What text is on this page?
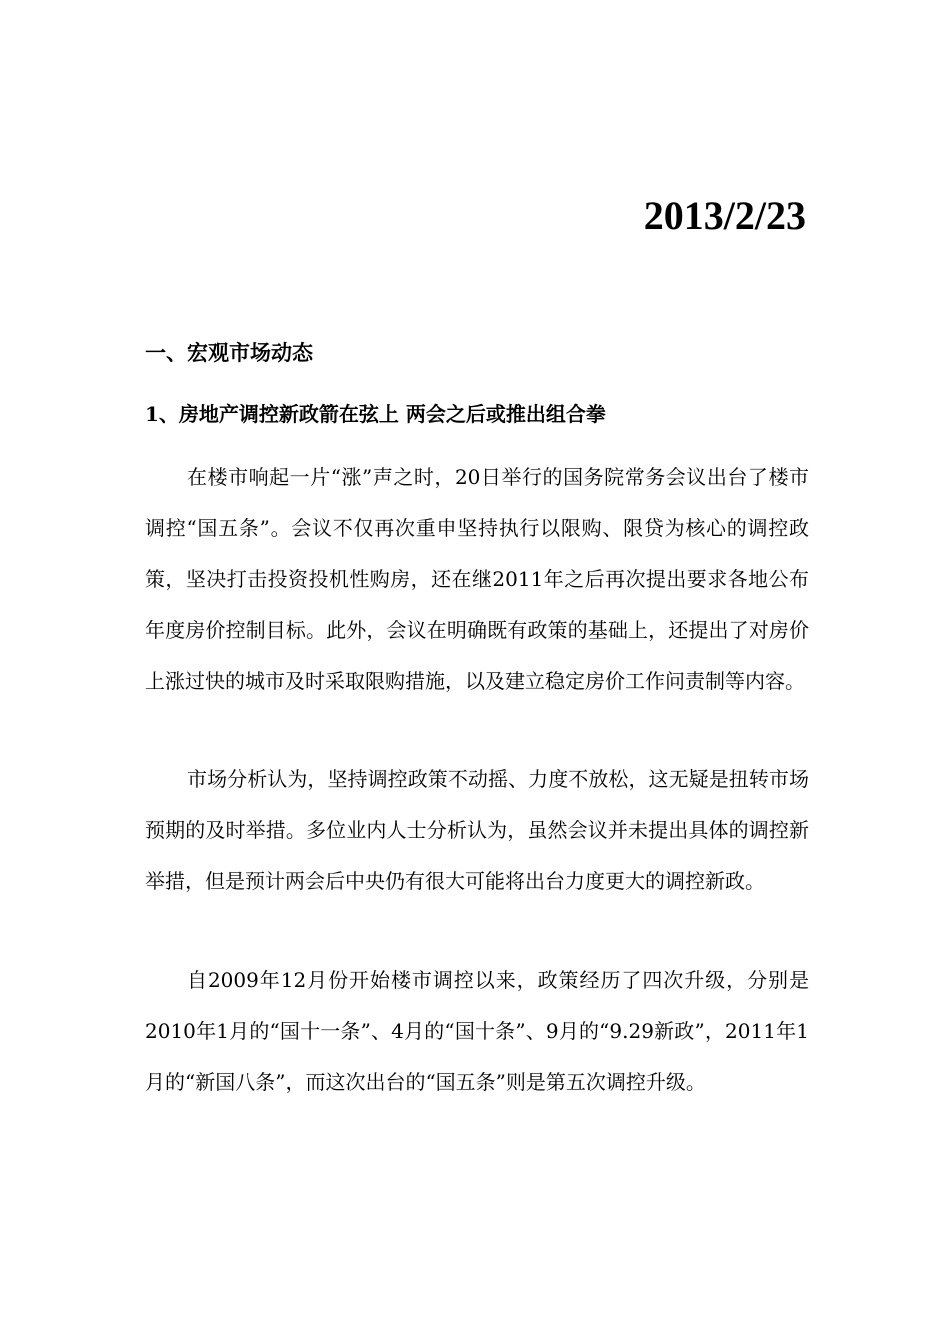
2013/2/23
一、宏观市场动态
1、房地产调控新政箭在弦上 两会之后或推出组合拳

在楼市响起一片“涨”声之时，20日举行的国务院常务会议出台了楼市调控“国五条”。会议不仅再次重申坚持执行以限购、限贷为核心的调控政策，坚决打击投资投机性购房，还在继2011年之后再次提出要求各地公布年度房价控制目标。此外，会议在明确既有政策的基础上，还提出了对房价上涨过快的城市及时采取限购措施，以及建立稳定房价工作问责制等内容。

市场分析认为，坚持调控政策不动摇、力度不放松，这无疑是扭转市场预期的及时举措。多位业内人士分析认为，虽然会议并未提出具体的调控新举措，但是预计两会后中央仍有很大可能将出台力度更大的调控新政。

自2009年12月份开始楼市调控以来，政策经历了四次升级，分别是2010年1月的“国十一条”、4月的“国十条”、9月的“9.29新政”，2011年1月的“新国八条”，而这次出台的“国五条”则是第五次调控升级。
